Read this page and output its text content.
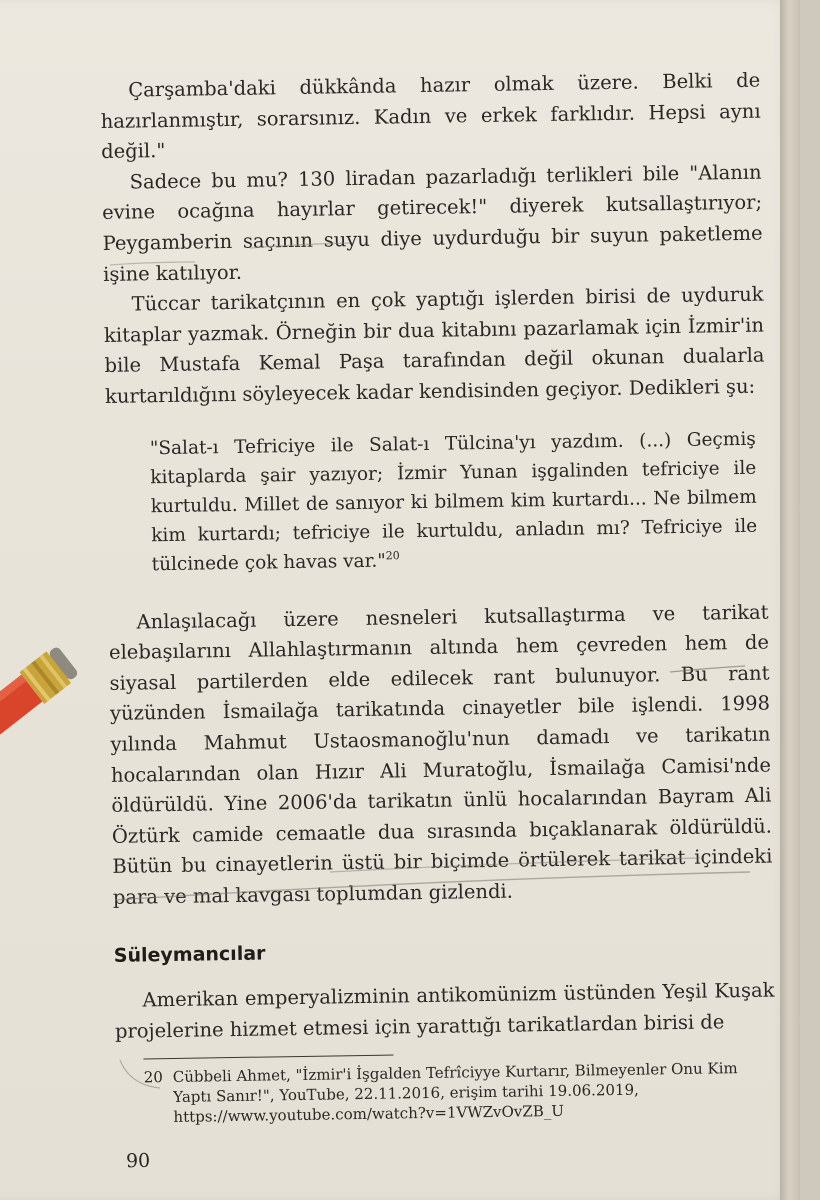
Çarşamba'daki dükkânda hazır olmak üzere. Belki de hazırlanmıştır, sorarsınız. Kadın ve erkek farklıdır. Hepsi aynı değil."

Sadece bu mu? 130 liradan pazarladığı terlikleri bile "Alanın evine ocağına hayırlar getirecek!" diyerek kutsallaştırıyor; Peygamberin saçının suyu diye uydurduğu bir suyun paketleme işine katılıyor.

Tüccar tarikatçının en çok yaptığı işlerden birisi de uyduruk kitaplar yazmak. Örneğin bir dua kitabını pazarlamak için İzmir'in bile Mustafa Kemal Paşa tarafından değil okunan dualarla kurtarıldığını söyleyecek kadar kendisinden geçiyor. Dedikleri şu:

"Salat-ı Tefriciye ile Salat-ı Tülcina'yı yazdım. (...) Geçmiş kitaplarda şair yazıyor; İzmir Yunan işgalinden tefriciye ile kurtuldu. Millet de sanıyor ki bilmem kim kurtardı... Ne bilmem kim kurtardı; tefriciye ile kurtuldu, anladın mı? Tefriciye ile tülcinede çok havas var."$^{20}$

Anlaşılacağı üzere nesneleri kutsallaştırma ve tarikat elebaşılarını Allahlaştırmanın altında hem çevreden hem de siyasal partilerden elde edilecek rant bulunuyor. Bu rant yüzünden İsmailağa tarikatında cinayetler bile işlendi. 1998 yılında Mahmut Ustaosmanoğlu'nun damadı ve tarikatın hocalarından olan Hızır Ali Muratoğlu, İsmailağa Camisi'nde öldürüldü. Yine 2006'da tarikatın ünlü hocalarından Bayram Ali Öztürk camide cemaatle dua sırasında bıçaklanarak öldürüldü. Bütün bu cinayetlerin üstü bir biçimde örtülerek tarikat içindeki para ve mal kavgası toplumdan gizlendi.

Süleymancılar

Amerikan emperyalizminin antikomünizm üstünden Yeşil Kuşak projelerine hizmet etmesi için yarattığı tarikatlardan birisi de

20 Cübbeli Ahmet, "İzmir'i İşgalden Tefrîciyye Kurtarır, Bilmeyenler Onu Kim Yaptı Sanır!", YouTube, 22.11.2016, erişim tarihi 19.06.2019, https://www.youtube.com/watch?v=1VWZvOvZB_U
90
